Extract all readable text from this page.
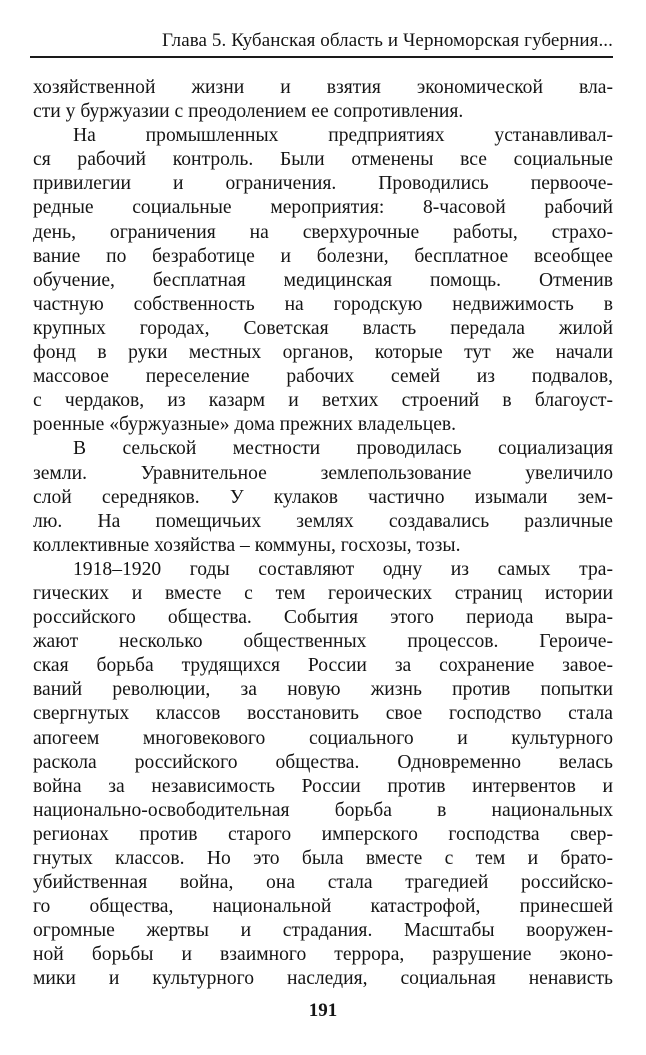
Глава 5. Кубанская область и Черноморская губерния...
хозяйственной жизни и взятия экономической вла-
сти у буржуазии с преодолением ее сопротивления.
На промышленных предприятиях устанавливал-
ся рабочий контроль. Были отменены все социальные
привилегии и ограничения. Проводились первооче-
редные социальные мероприятия: 8-часовой рабочий
день, ограничения на сверхурочные работы, страхо-
вание по безработице и болезни, бесплатное всеобщее
обучение, бесплатная медицинская помощь. Отменив
частную собственность на городскую недвижимость в
крупных городах, Советская власть передала жилой
фонд в руки местных органов, которые тут же начали
массовое переселение рабочих семей из подвалов,
с чердаков, из казарм и ветхих строений в благоуст-
роенные «буржуазные» дома прежних владельцев.
В сельской местности проводилась социализация
земли. Уравнительное землепользование увеличило
слой середняков. У кулаков частично изымали зем-
лю. На помещичьих землях создавались различные
коллективные хозяйства – коммуны, госхозы, тозы.
1918–1920 годы составляют одну из самых тра-
гических и вместе с тем героических страниц истории
российского общества. События этого периода выра-
жают несколько общественных процессов. Героиче-
ская борьба трудящихся России за сохранение завое-
ваний революции, за новую жизнь против попытки
свергнутых классов восстановить свое господство стала
апогеем многовекового социального и культурного
раскола российского общества. Одновременно велась
война за независимость России против интервентов и
национально-освободительная борьба в национальных
регионах против старого имперского господства свер-
гнутых классов. Но это была вместе с тем и брато-
убийственная война, она стала трагедией российско-
го общества, национальной катастрофой, принесшей
огромные жертвы и страдания. Масштабы вооружен-
ной борьбы и взаимного террора, разрушение эконо-
мики и культурного наследия, социальная ненависть
191
